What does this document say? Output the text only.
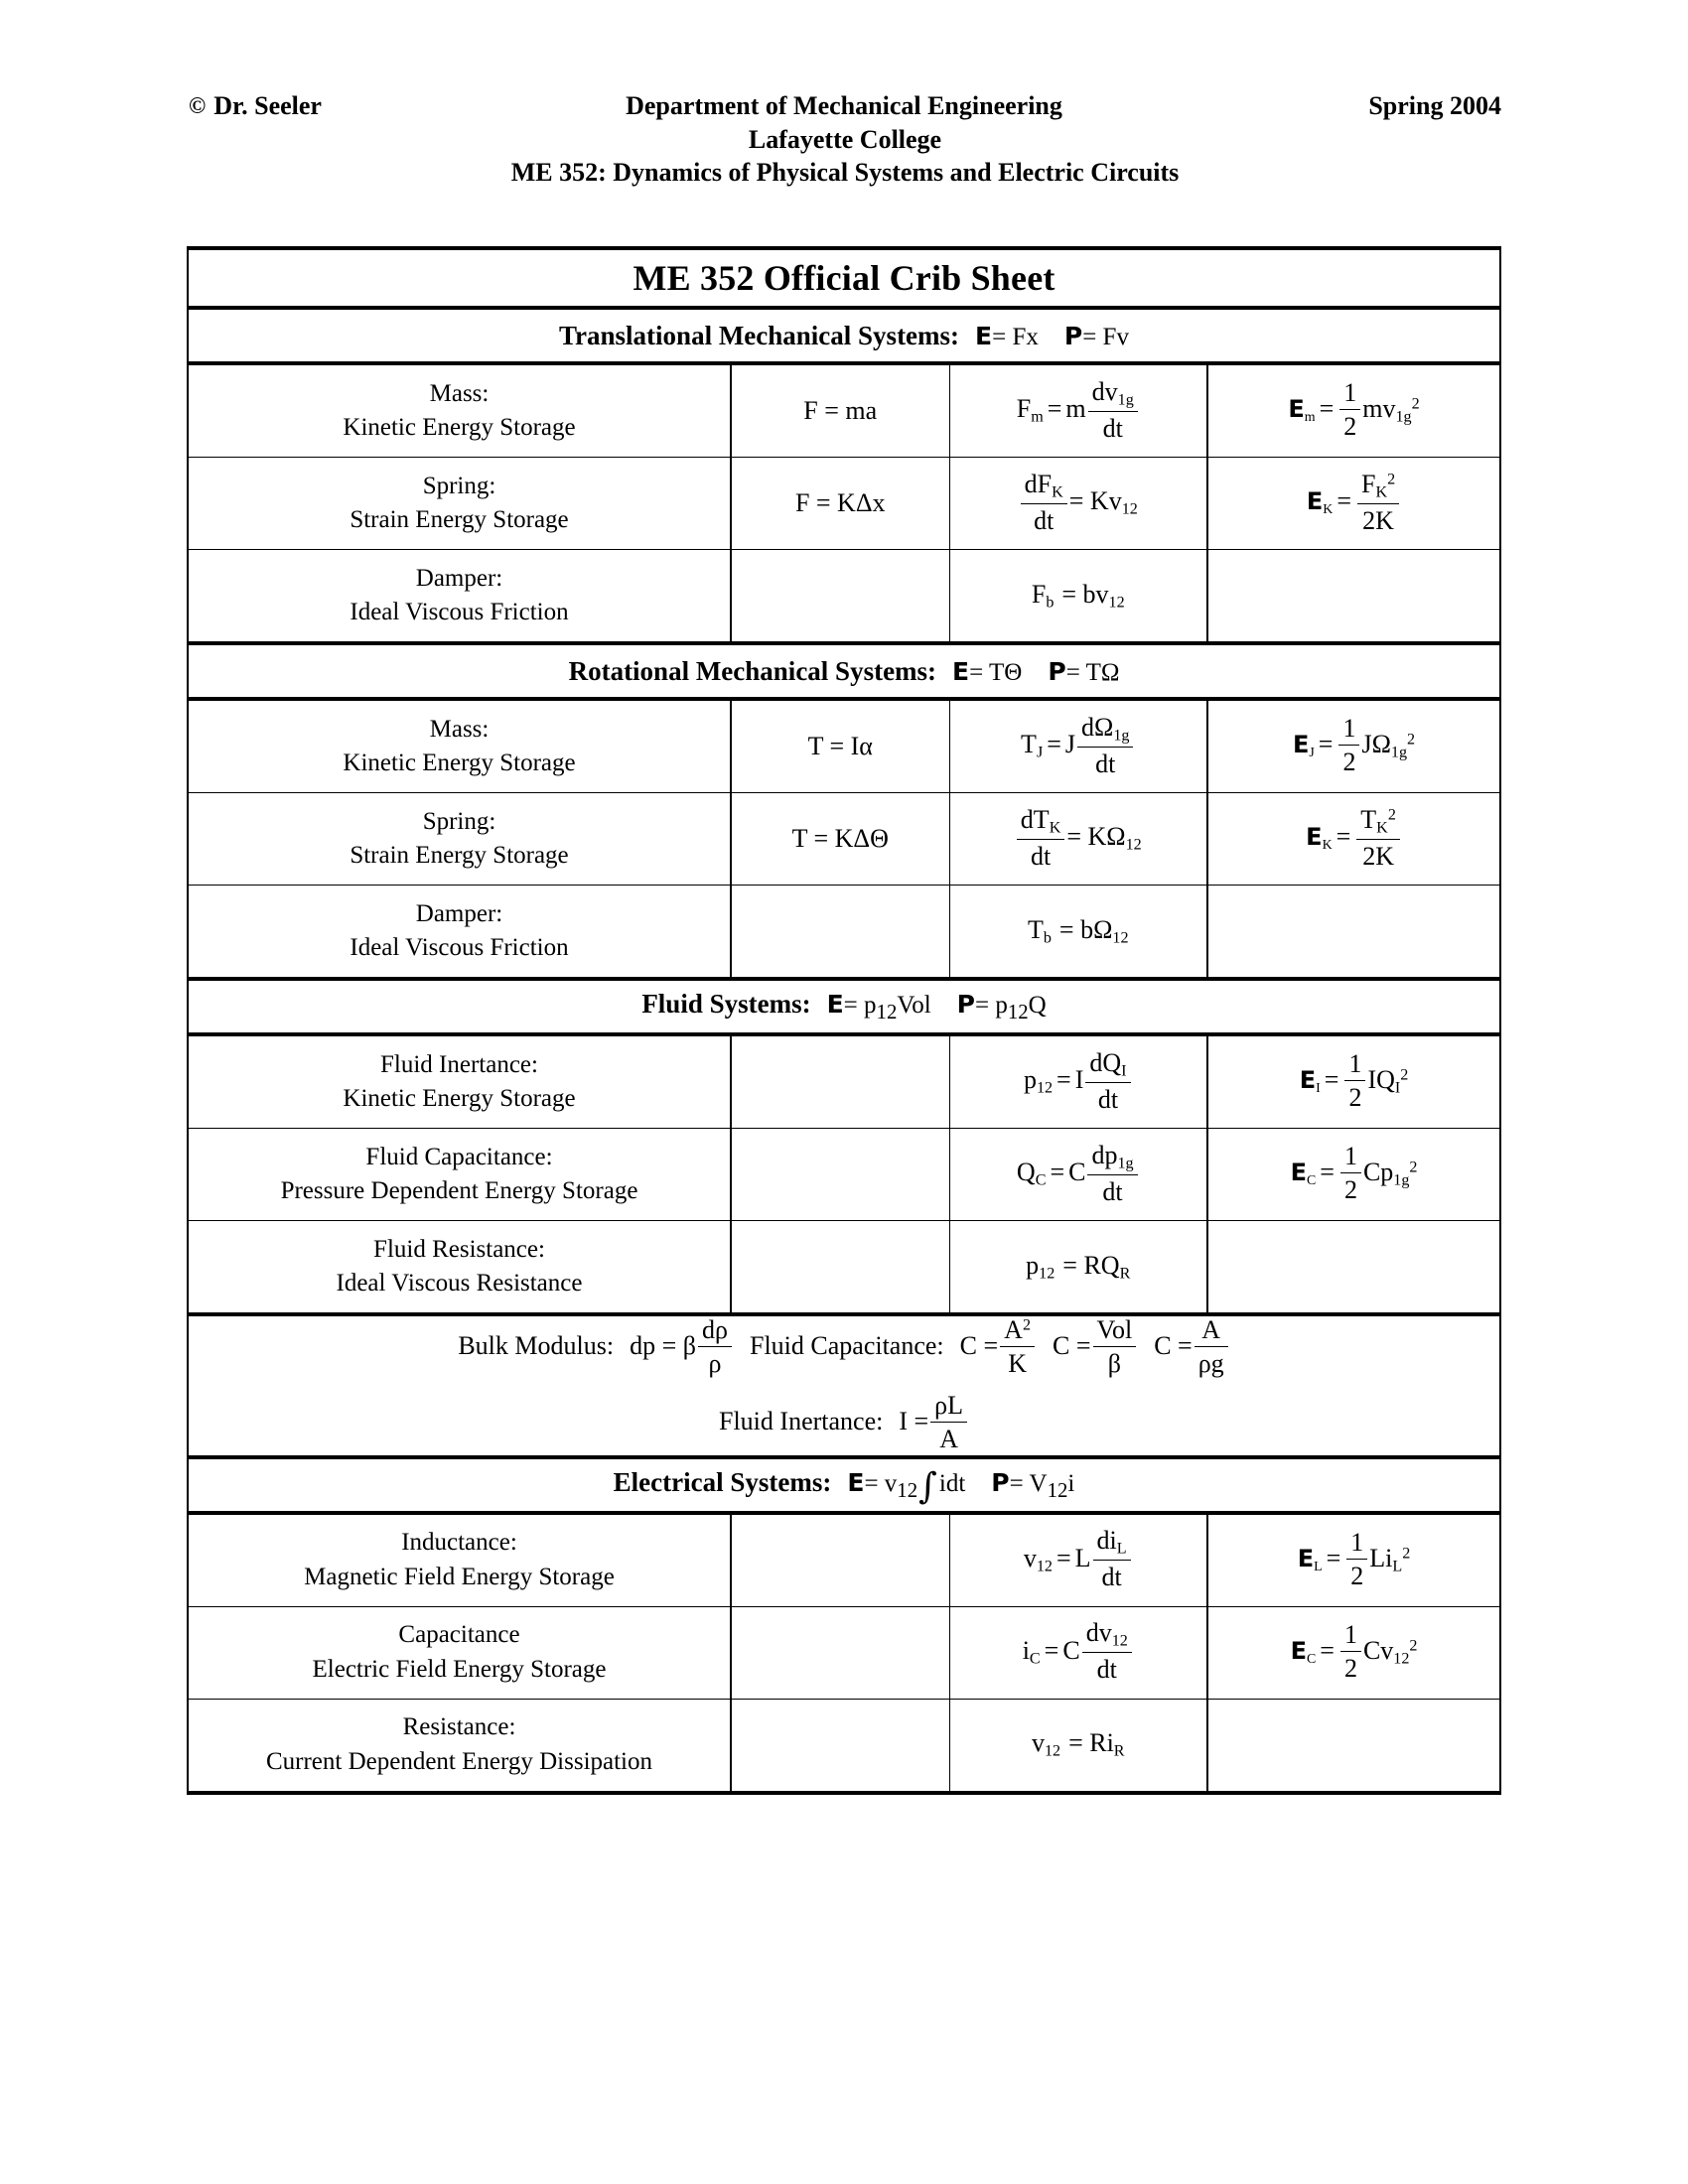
© Dr. Seeler	Department of Mechanical Engineering	Spring 2004
Lafayette College
ME 352: Dynamics of Physical Systems and Electric Circuits
ME 352 Official Crib Sheet			
Translational Mechanical Systems: E= Fx P= Fv			

Mass:
Kinetic Energy Storage
	F = ma	$F_m = m \frac{dv_{1g}}{dt}$	$E_m = \frac{1}{2} mv_{1g}^2$

Spring:
Strain Energy Storage
	F = KΔx	$\frac{dF_K}{dt} = Kv_{12}$	$E_K = \frac{F_K^2}{2K}$

Damper:
Ideal Viscous Friction		$F_b = bv_{12}$	
Rotational Mechanical Systems: E= TΘ P= TΩ			

Mass:
Kinetic Energy Storage
	T = Iα	$T_J = J \frac{d\Omega_{1g}}{dt}$	$E_J = \frac{1}{2} J\Omega_{1g}^2$

Spring:
Strain Energy Storage
	T = KΔΘ	$\frac{dT_K}{dt} = K\Omega_{12}$	$E_K = \frac{T_K^2}{2K}$

Damper:
Ideal Viscous Friction		$T_b = b\Omega_{12}$	
Fluid Systems: $E= p_{12}Vol$ $P= p_{12}Q$			

Fluid Inertance:
Kinetic Energy Storage
		$p_{12} = I \frac{dQ_I}{dt}$	$E_I = \frac{1}{2} IQ_I^2$

Fluid Capacitance:
Pressure Dependent Energy Storage
		$Q_C = C \frac{dp_{1g}}{dt}$	$E_C = \frac{1}{2} Cp_{1g}^2$

Fluid Resistance:
Ideal Viscous Resistance		$p_{12} = RQ_R$	

Bulk Modulus: dp = β $\frac{d\rho}{\rho}$ Fluid Capacitance: $C = \frac{A^2}{K}$ $C = \frac{\text{Vol}}{\beta}$ $C = \frac{A}{\rho g}$
Fluid Inertance: $I = \frac{\rho L}{A}$

Electrical Systems: $E= v_{12}\int idt$ $P= V_{12}i$			

Inductance:
Magnetic Field Energy Storage
		$v_{12} = L \frac{di_L}{dt}$	$E_L = \frac{1}{2} Li_L^2$

Capacitance
Electric Field Energy Storage
		$i_C = C \frac{dv_{12}}{dt}$	$E_C = \frac{1}{2} Cv_{12}^2$

Resistance:
Current Dependent Energy Dissipation		$v_{12} = Ri_R$	
